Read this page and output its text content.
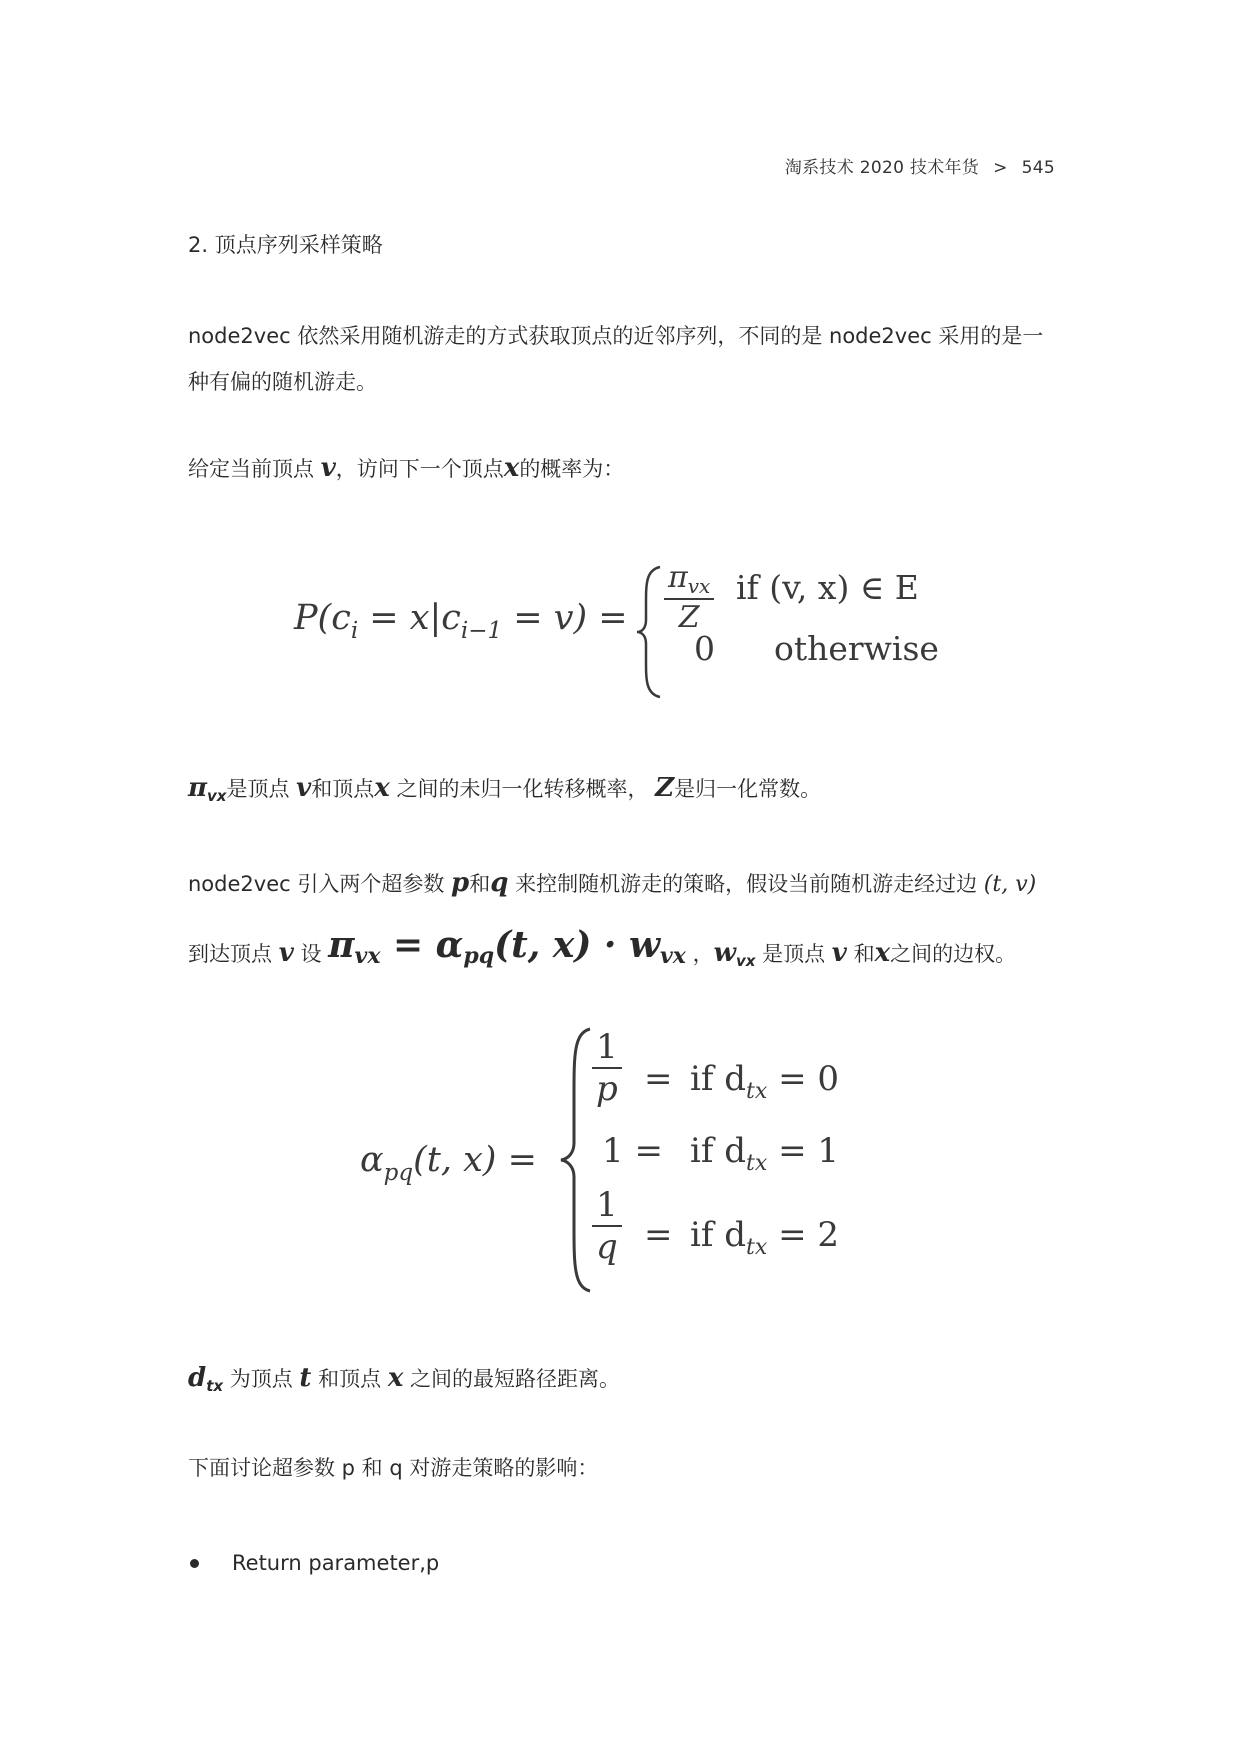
淘系技术 2020 技术年货 > 545
2. 顶点序列采样策略
node2vec 依然采用随机游走的方式获取顶点的近邻序列，不同的是 node2vec 采用的是一
种有偏的随机游走。
给定当前顶点 v，访问下一个顶点x的概率为：
$P(c_i = x|c_{i-1} = v) = \frac{\pi_{vx}}{Z}$ if (v, x) ∈ E
0 otherwise
$\pi_{vx}$是顶点 v和顶点x 之间的未归一化转移概率， Z是归一化常数。
node2vec 引入两个超参数 p和q 来控制随机游走的策略，假设当前随机游走经过边 (t, v)
到达顶点 v 设 πvx = αpq(t, x) · wvx ，$w_{vx}$ 是顶点 v 和x之间的边权。
$\alpha_{pq}(t$, x) =
$\frac{1}{p}$ = if $d_{tx} = 0$
1 = if $d_{tx} = 1$
$\frac{1}{q}$ = if $d_{tx} = 2$
$d_{tx}$ 为顶点 t 和顶点 x 之间的最短路径距离。
下面讨论超参数 p 和 q 对游走策略的影响：
Return parameter,p
